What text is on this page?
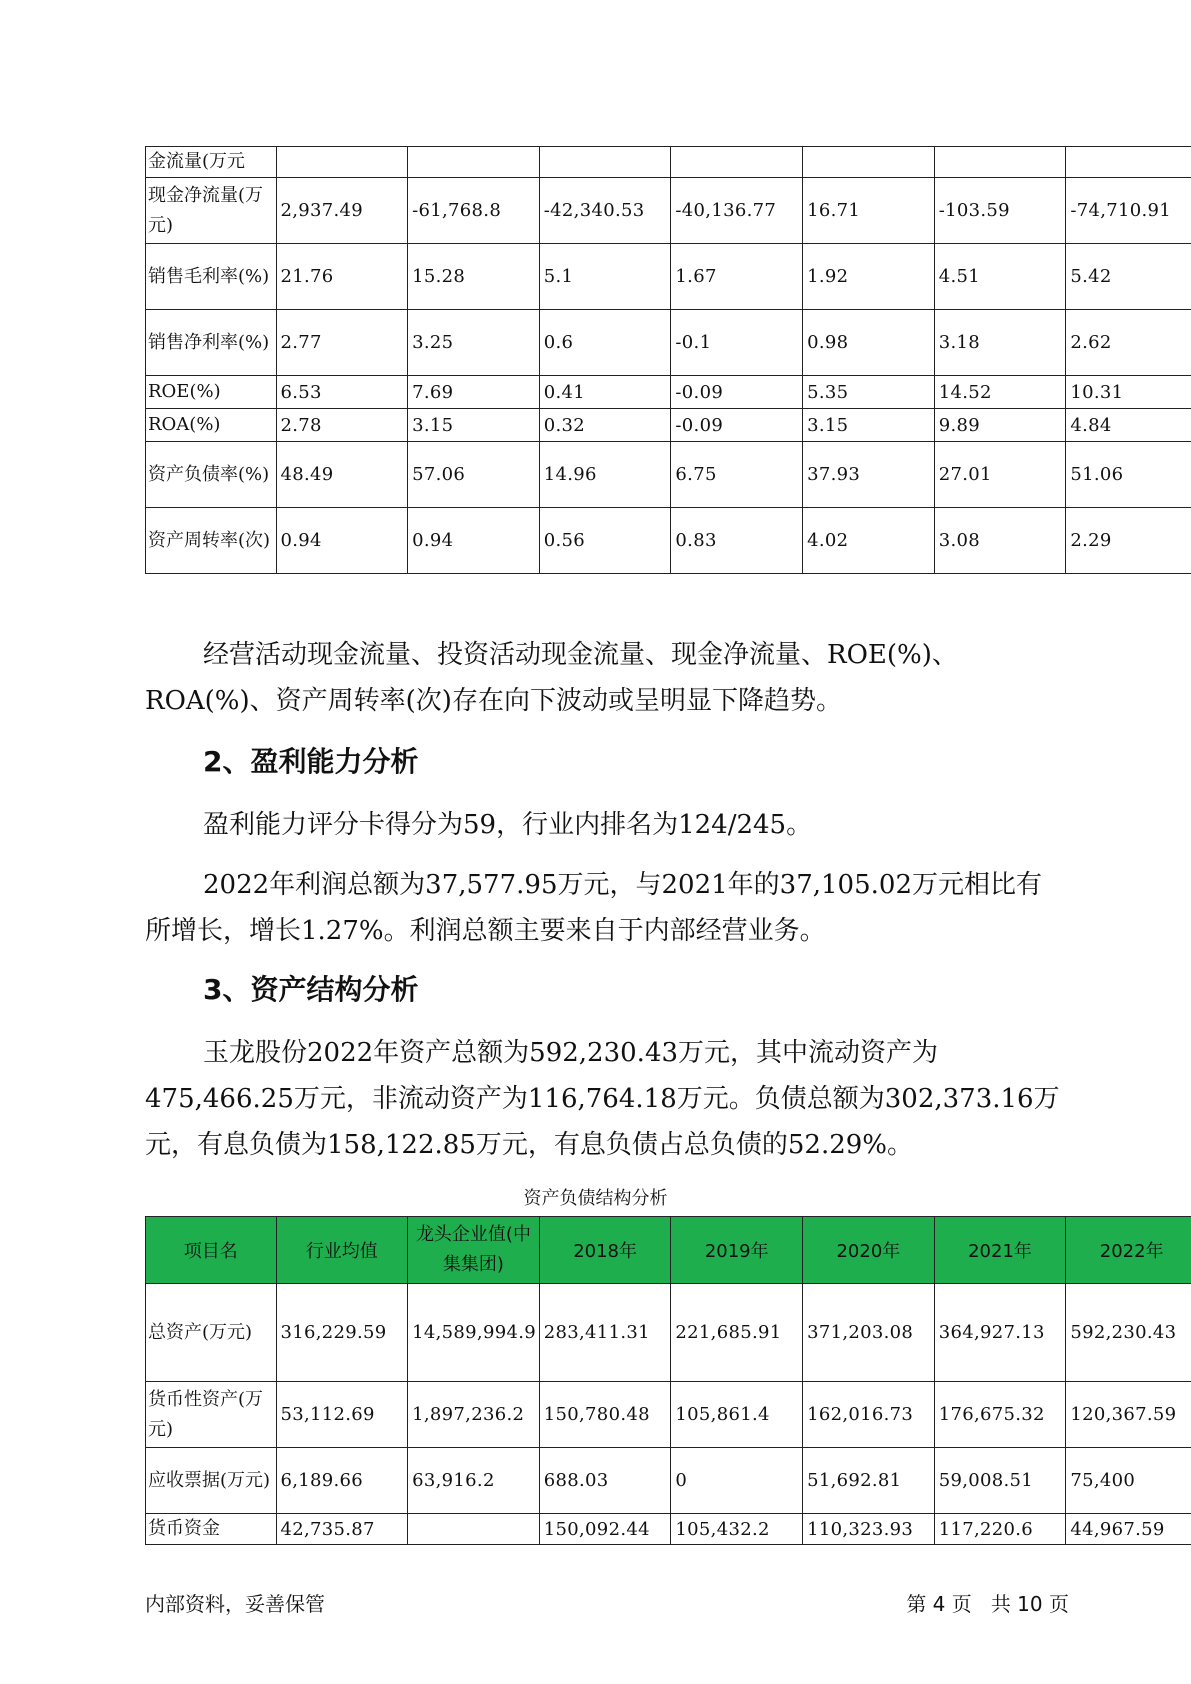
金流量(万元							
现金净流量(万元)	2,937.49	-61,768.8	-42,340.53	-40,136.77	16.71	-103.59	-74,710.91
销售毛利率(%)	21.76	15.28	5.1	1.67	1.92	4.51	5.42
销售净利率(%)	2.77	3.25	0.6	-0.1	0.98	3.18	2.62
ROE(%)	6.53	7.69	0.41	-0.09	5.35	14.52	10.31
ROA(%)	2.78	3.15	0.32	-0.09	3.15	9.89	4.84
资产负债率(%)	48.49	57.06	14.96	6.75	37.93	27.01	51.06
资产周转率(次)	0.94	0.94	0.56	0.83	4.02	3.08	2.29
经营活动现金流量、投资活动现金流量、现金净流量、ROE(%)、ROA(%)、资产周转率(次)存在向下波动或呈明显下降趋势。
2、盈利能力分析
盈利能力评分卡得分为59，行业内排名为124/245。
2022年利润总额为37,577.95万元，与2021年的37,105.02万元相比有所增长，增长1.27%。利润总额主要来自于内部经营业务。
3、资产结构分析
玉龙股份2022年资产总额为592,230.43万元，其中流动资产为475,466.25万元，非流动资产为116,764.18万元。负债总额为302,373.16万元，有息负债为158,122.85万元，有息负债占总负债的52.29%。
资产负债结构分析
项目名	行业均值	龙头企业值(中集集团)	2018年	2019年	2020年	2021年	2022年
总资产(万元)	316,229.59	14,589,994.9	283,411.31	221,685.91	371,203.08	364,927.13	592,230.43
货币性资产(万元)	53,112.69	1,897,236.2	150,780.48	105,861.4	162,016.73	176,675.32	120,367.59
应收票据(万元)	6,189.66	63,916.2	688.03	0	51,692.81	59,008.51	75,400
货币资金	42,735.87		150,092.44	105,432.2	110,323.93	117,220.6	44,967.59
内部资料，妥善保管	第 4 页   共 10 页
